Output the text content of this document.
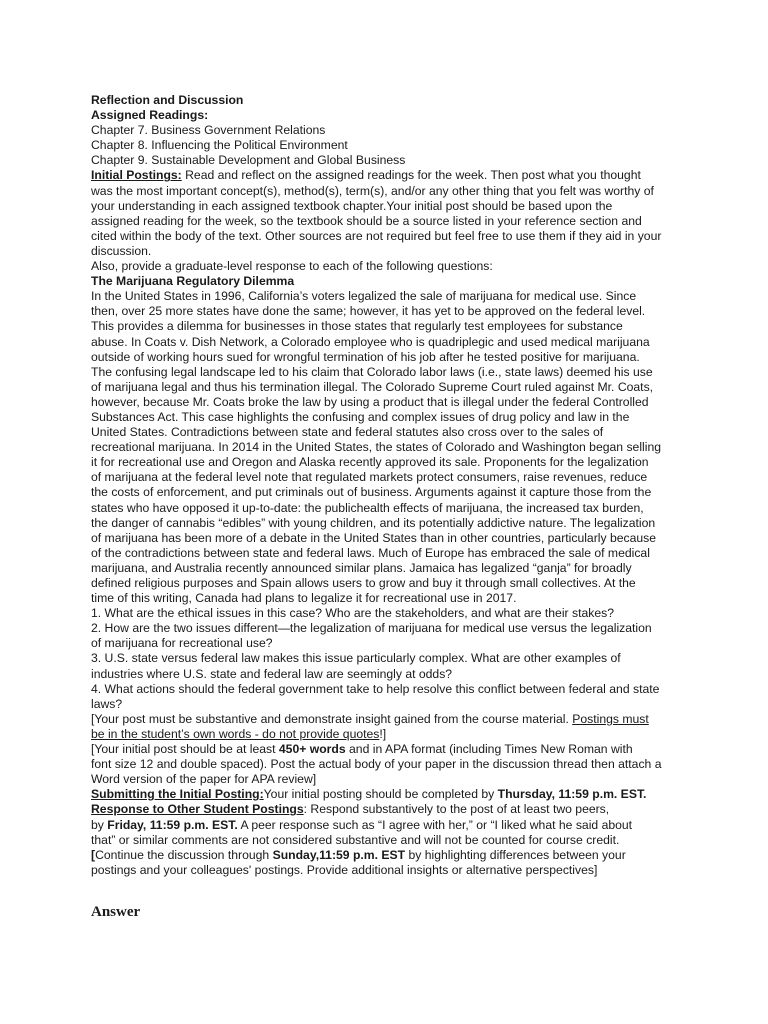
Reflection and Discussion
Assigned Readings:
Chapter 7. Business Government Relations
Chapter 8. Influencing the Political Environment
Chapter 9. Sustainable Development and Global Business
Initial Postings: Read and reflect on the assigned readings for the week. Then post what you thought
was the most important concept(s), method(s), term(s), and/or any other thing that you felt was worthy of
your understanding in each assigned textbook chapter.Your initial post should be based upon the
assigned reading for the week, so the textbook should be a source listed in your reference section and
cited within the body of the text. Other sources are not required but feel free to use them if they aid in your
discussion.
Also, provide a graduate-level response to each of the following questions:
The Marijuana Regulatory Dilemma
In the United States in 1996, California’s voters legalized the sale of marijuana for medical use. Since
then, over 25 more states have done the same; however, it has yet to be approved on the federal level.
This provides a dilemma for businesses in those states that regularly test employees for substance
abuse. In Coats v. Dish Network, a Colorado employee who is quadriplegic and used medical marijuana
outside of working hours sued for wrongful termination of his job after he tested positive for marijuana.
The confusing legal landscape led to his claim that Colorado labor laws (i.e., state laws) deemed his use
of marijuana legal and thus his termination illegal. The Colorado Supreme Court ruled against Mr. Coats,
however, because Mr. Coats broke the law by using a product that is illegal under the federal Controlled
Substances Act. This case highlights the confusing and complex issues of drug policy and law in the
United States. Contradictions between state and federal statutes also cross over to the sales of
recreational marijuana. In 2014 in the United States, the states of Colorado and Washington began selling
it for recreational use and Oregon and Alaska recently approved its sale. Proponents for the legalization
of marijuana at the federal level note that regulated markets protect consumers, raise revenues, reduce
the costs of enforcement, and put criminals out of business. Arguments against it capture those from the
states who have opposed it up-to-date: the publichealth effects of marijuana, the increased tax burden,
the danger of cannabis “edibles” with young children, and its potentially addictive nature. The legalization
of marijuana has been more of a debate in the United States than in other countries, particularly because
of the contradictions between state and federal laws. Much of Europe has embraced the sale of medical
marijuana, and Australia recently announced similar plans. Jamaica has legalized “ganja” for broadly
defined religious purposes and Spain allows users to grow and buy it through small collectives. At the
time of this writing, Canada had plans to legalize it for recreational use in 2017.
1. What are the ethical issues in this case? Who are the stakeholders, and what are their stakes?
2. How are the two issues different—the legalization of marijuana for medical use versus the legalization
of marijuana for recreational use?
3. U.S. state versus federal law makes this issue particularly complex. What are other examples of
industries where U.S. state and federal law are seemingly at odds?
4. What actions should the federal government take to help resolve this conflict between federal and state
laws?
[Your post must be substantive and demonstrate insight gained from the course material. Postings must
be in the student’s own words - do not provide quotes!]
[Your initial post should be at least 450+ words and in APA format (including Times New Roman with
font size 12 and double spaced). Post the actual body of your paper in the discussion thread then attach a
Word version of the paper for APA review]
Submitting the Initial Posting:Your initial posting should be completed by Thursday, 11:59 p.m. EST.
Response to Other Student Postings: Respond substantively to the post of at least two peers,
by Friday, 11:59 p.m. EST. A peer response such as “I agree with her,” or “I liked what he said about
that” or similar comments are not considered substantive and will not be counted for course credit.
[Continue the discussion through Sunday,11:59 p.m. EST by highlighting differences between your
postings and your colleagues' postings. Provide additional insights or alternative perspectives]
Answer
